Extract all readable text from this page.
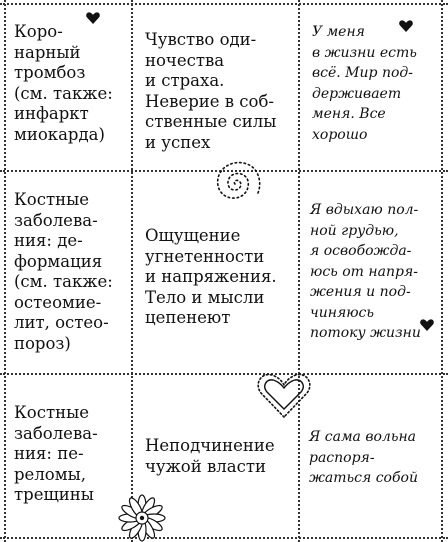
Коро-
нарный
тромбоз
(см. также:
инфаркт
миокарда)
Чувство оди-
ночества
и страха.
Неверие в соб-
ственные силы
и успех
У меня
в жизни есть
всё. Мир под-
держивает
меня. Все
хорошо
Костные
заболева-
ния: де-
формация
(см. также:
остеомие-
лит, остео-
пороз)
Ощущение
угнетенности
и напряжения.
Тело и мысли
цепенеют
Я вдыхаю пол-
ной грудью,
я освобожда-
юсь от напря-
жения и под-
чиняюсь
потоку жизни
Костные
заболева-
ния: пе-
реломы,
трещины
Неподчинение
чужой власти
Я сама вольна
распоря-
жаться собой
